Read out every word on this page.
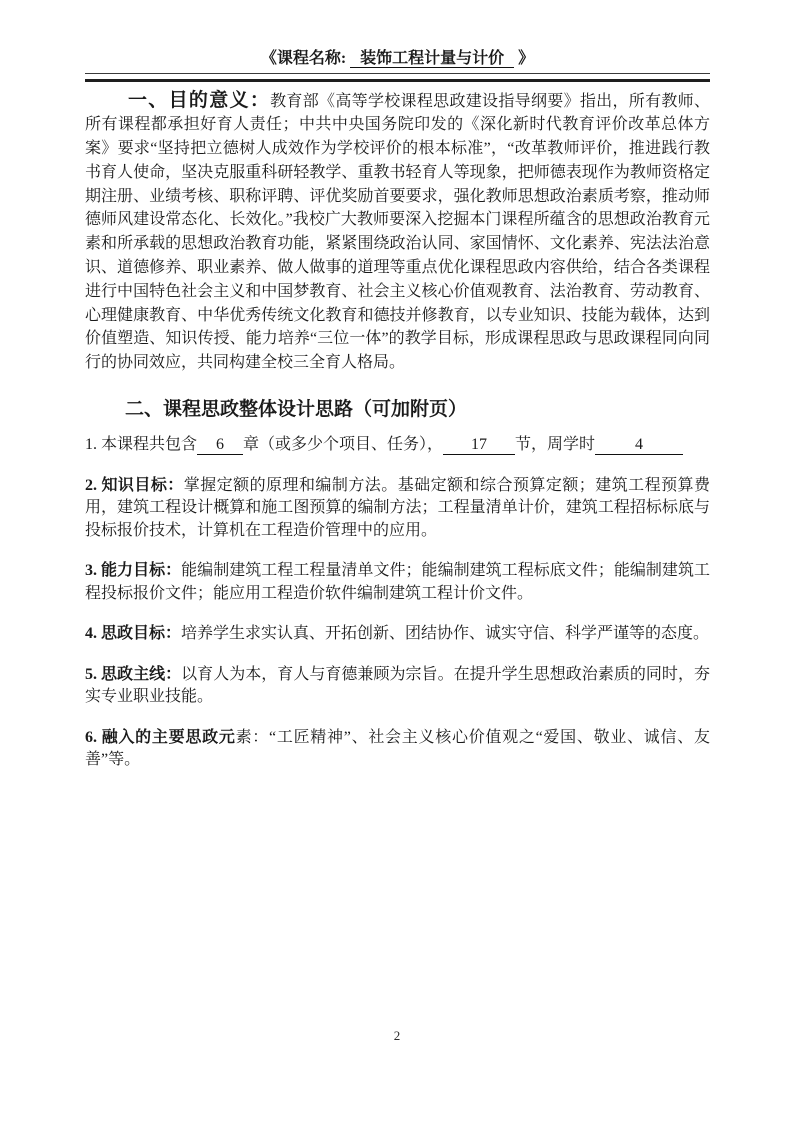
《课程名称: 装饰工程计量与计价 》

一、目的意义：教育部《高等学校课程思政建设指导纲要》指出，所有教师、所有课程都承担好育人责任；中共中央国务院印发的《深化新时代教育评价改革总体方案》要求“坚持把立德树人成效作为学校评价的根本标准”，“改革教师评价，推进践行教书育人使命，坚决克服重科研轻教学、重教书轻育人等现象，把师德表现作为教师资格定期注册、业绩考核、职称评聘、评优奖励首要要求，强化教师思想政治素质考察，推动师德师风建设常态化、长效化。”我校广大教师要深入挖掘本门课程所蕴含的思想政治教育元素和所承载的思想政治教育功能，紧紧围绕政治认同、家国情怀、文化素养、宪法法治意识、道德修养、职业素养、做人做事的道理等重点优化课程思政内容供给，结合各类课程进行中国特色社会主义和中国梦教育、社会主义核心价值观教育、法治教育、劳动教育、心理健康教育、中华优秀传统文化教育和德技并修教育，以专业知识、技能为载体，达到价值塑造、知识传授、能力培养“三位一体”的教学目标，形成课程思政与思政课程同向同行的协同效应，共同构建全校三全育人格局。

二、课程思政整体设计思路（可加附页）

1. 本课程共包含 6 章（或多少个项目、任务）， 17 节，周学时	4

2. 知识目标：掌握定额的原理和编制方法。基础定额和综合预算定额；建筑工程预算费用，建筑工程设计概算和施工图预算的编制方法；工程量清单计价，建筑工程招标标底与投标报价技术，计算机在工程造价管理中的应用。

3. 能力目标：能编制建筑工程工程量清单文件；能编制建筑工程标底文件；能编制建筑工程投标报价文件；能应用工程造价软件编制建筑工程计价文件。

4. 思政目标：培养学生求实认真、开拓创新、团结协作、诚实守信、科学严谨等的态度。

5. 思政主线：以育人为本，育人与育德兼顾为宗旨。在提升学生思想政治素质的同时，夯实专业职业技能。

6. 融入的主要思政元素：“工匠精神”、社会主义核心价值观之“爱国、敬业、诚信、友善”等。

2
